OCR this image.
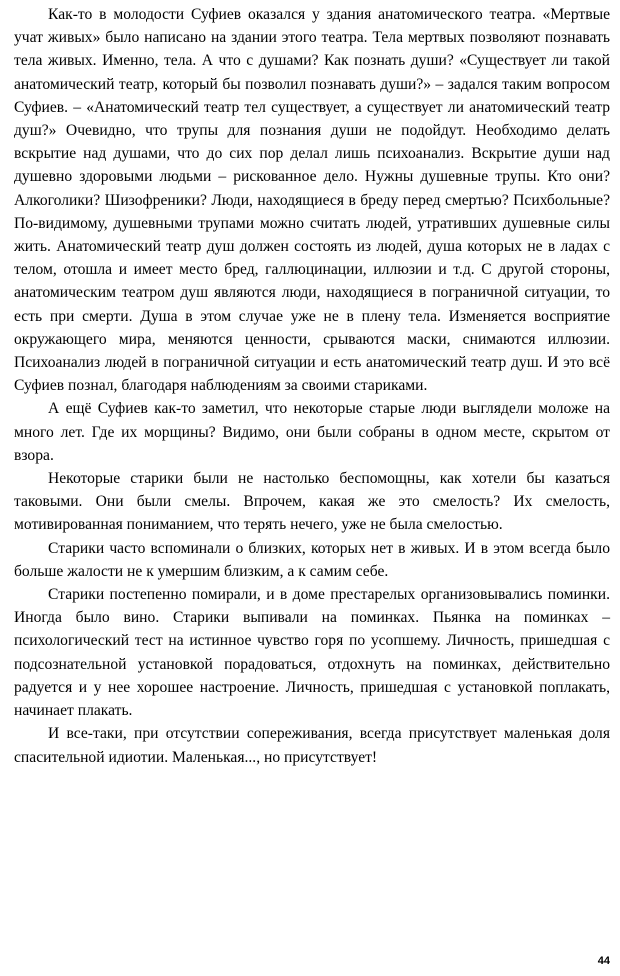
Как-то в молодости Суфиев оказался у здания анатомического театра. «Мертвые учат живых» было написано на здании этого театра. Тела мертвых позволяют познавать тела живых. Именно, тела. А что с душами? Как познать души? «Существует ли такой анатомический театр, который бы позволил познавать души?» – задался таким вопросом Суфиев. – «Анатомический театр тел существует, а существует ли анатомический театр душ?» Очевидно, что трупы для познания души не подойдут. Необходимо делать вскрытие над душами, что до сих пор делал лишь психоанализ. Вскрытие души над душевно здоровыми людьми – рискованное дело. Нужны душевные трупы. Кто они? Алкоголики? Шизофреники? Люди, находящиеся в бреду перед смертью? Психбольные? По-видимому, душевными трупами можно считать людей, утративших душевные силы жить. Анатомический театр душ должен состоять из людей, душа которых не в ладах с телом, отошла и имеет место бред, галлюцинации, иллюзии и т.д. С другой стороны, анатомическим театром душ являются люди, находящиеся в пограничной ситуации, то есть при смерти. Душа в этом случае уже не в плену тела. Изменяется восприятие окружающего мира, меняются ценности, срываются маски, снимаются иллюзии. Психоанализ людей в пограничной ситуации и есть анатомический театр душ. И это всё Суфиев познал, благодаря наблюдениям за своими стариками.

А ещё Суфиев как-то заметил, что некоторые старые люди выглядели моложе на много лет. Где их морщины? Видимо, они были собраны в одном месте, скрытом от взора.

Некоторые старики были не настолько беспомощны, как хотели бы казаться таковыми. Они были смелы. Впрочем, какая же это смелость? Их смелость, мотивированная пониманием, что терять нечего, уже не была смелостью.

Старики часто вспоминали о близких, которых нет в живых. И в этом всегда было больше жалости не к умершим близким, а к самим себе.

Старики постепенно помирали, и в доме престарелых организовывались поминки. Иногда было вино. Старики выпивали на поминках. Пьянка на поминках – психологический тест на истинное чувство горя по усопшему. Личность, пришедшая с подсознательной установкой порадоваться, отдохнуть на поминках, действительно радуется и у нее хорошее настроение. Личность, пришедшая с установкой поплакать, начинает плакать.

И все-таки, при отсутствии сопереживания, всегда присутствует маленькая доля спасительной идиотии. Маленькая..., но присутствует!

44
